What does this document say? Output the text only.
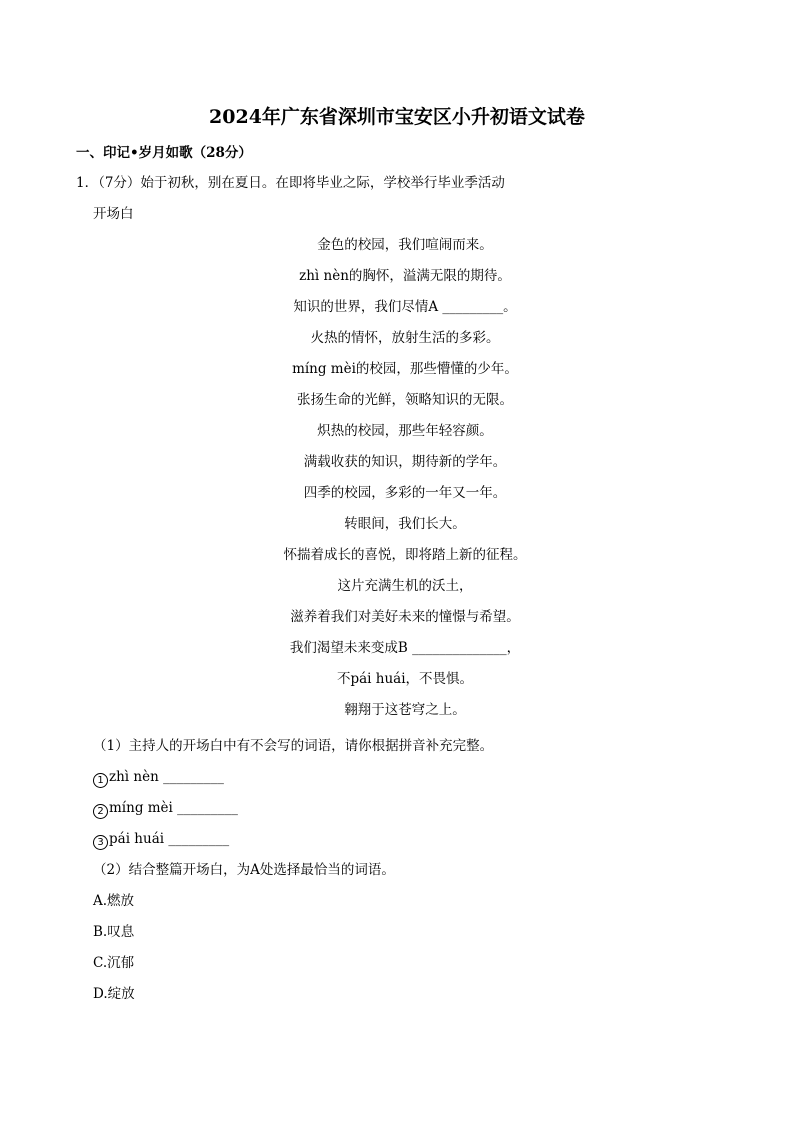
2024年广东省深圳市宝安区小升初语文试卷
一、印记•岁月如歌（28分）
1．（7分）始于初秋，别在夏日。在即将毕业之际，学校举行毕业季活动
开场白
金色的校园，我们喧闹而来。
zhì nèn的胸怀，溢满无限的期待。
知识的世界，我们尽情A _________。
火热的情怀，放射生活的多彩。
míng mèi的校园，那些懵懂的少年。
张扬生命的光鲜，领略知识的无限。
炽热的校园，那些年轻容颜。
满载收获的知识，期待新的学年。
四季的校园，多彩的一年又一年。
转眼间，我们长大。
怀揣着成长的喜悦，即将踏上新的征程。
这片充满生机的沃土，
滋养着我们对美好未来的憧憬与希望。
我们渴望未来变成B ______________，
不pái huái，不畏惧。
翱翔于这苍穹之上。
（1）主持人的开场白中有不会写的词语，请你根据拼音补充完整。
1 zhì nèn _________
2 míng mèi _________
3 pái huái _________
（2）结合整篇开场白，为A处选择最恰当的词语。
A.燃放
B.叹息
C.沉郁
D.绽放
